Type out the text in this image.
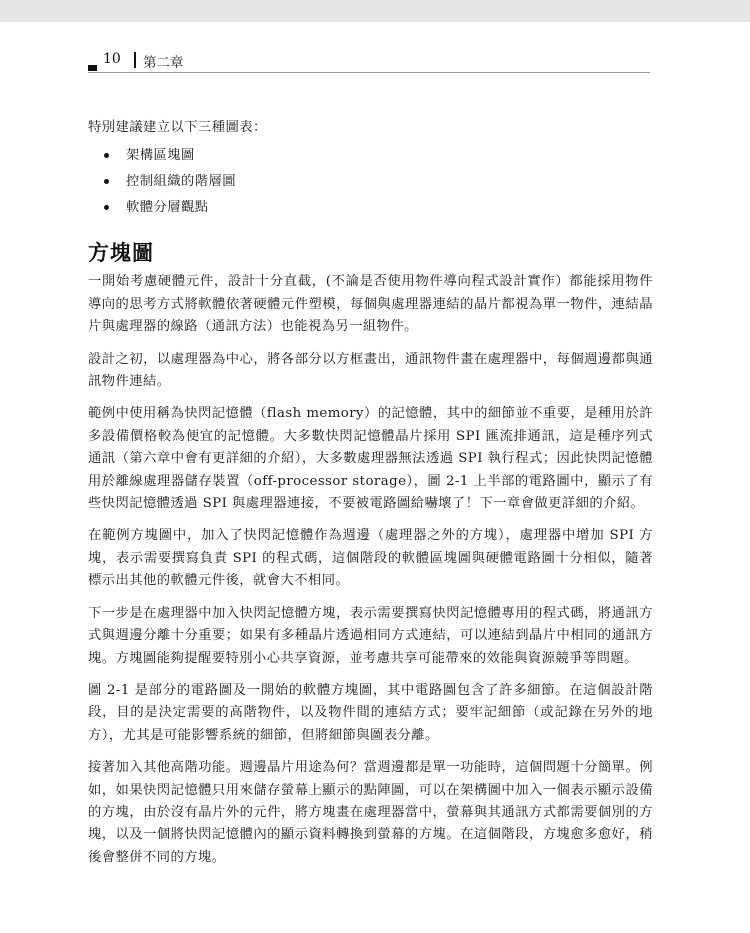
10 第二章

特別建議建立以下三種圖表：

架構區塊圖
控制組織的階層圖
軟體分層觀點
方塊圖

一開始考慮硬體元件，設計十分直截，(不論是否使用物件導向程式設計實作）都能採用物件導向的思考方式將軟體依著硬體元件塑模，每個與處理器連結的晶片都視為單一物件，連結晶片與處理器的線路（通訊方法）也能視為另一組物件。

設計之初，以處理器為中心，將各部分以方框畫出，通訊物件畫在處理器中，每個週邊都與通訊物件連結。

範例中使用稱為快閃記憶體（flash memory）的記憶體，其中的細節並不重要，是種用於許多設備價格較為便宜的記憶體。大多數快閃記憶體晶片採用 SPI 匯流排通訊，這是種序列式通訊（第六章中會有更詳細的介紹），大多數處理器無法透過 SPI 執行程式；因此快閃記憶體用於離線處理器儲存裝置（off-processor storage），圖 2-1 上半部的電路圖中，顯示了有些快閃記憶體透過 SPI 與處理器連接，不要被電路圖給嚇壞了！下一章會做更詳細的介紹。

在範例方塊圖中，加入了快閃記憶體作為週邊（處理器之外的方塊），處理器中增加 SPI 方塊，表示需要撰寫負責 SPI 的程式碼，這個階段的軟體區塊圖與硬體電路圖十分相似，隨著標示出其他的軟體元件後，就會大不相同。

下一步是在處理器中加入快閃記憶體方塊，表示需要撰寫快閃記憶體專用的程式碼，將通訊方式與週邊分離十分重要；如果有多種晶片透過相同方式連結，可以連結到晶片中相同的通訊方塊。方塊圖能夠提醒要特別小心共享資源，並考慮共享可能帶來的效能與資源競爭等問題。

圖 2-1 是部分的電路圖及一開始的軟體方塊圖，其中電路圖包含了許多細節。在這個設計階段，目的是決定需要的高階物件，以及物件間的連結方式；要牢記細節（或記錄在另外的地方），尤其是可能影響系統的細節，但將細節與圖表分離。

接著加入其他高階功能。週邊晶片用途為何？當週邊都是單一功能時，這個問題十分簡單。例如，如果快閃記憶體只用來儲存螢幕上顯示的點陣圖，可以在架構圖中加入一個表示顯示設備的方塊，由於沒有晶片外的元件，將方塊畫在處理器當中，螢幕與其通訊方式都需要個別的方塊，以及一個將快閃記憶體內的顯示資料轉換到螢幕的方塊。在這個階段，方塊愈多愈好，稍後會整併不同的方塊。
